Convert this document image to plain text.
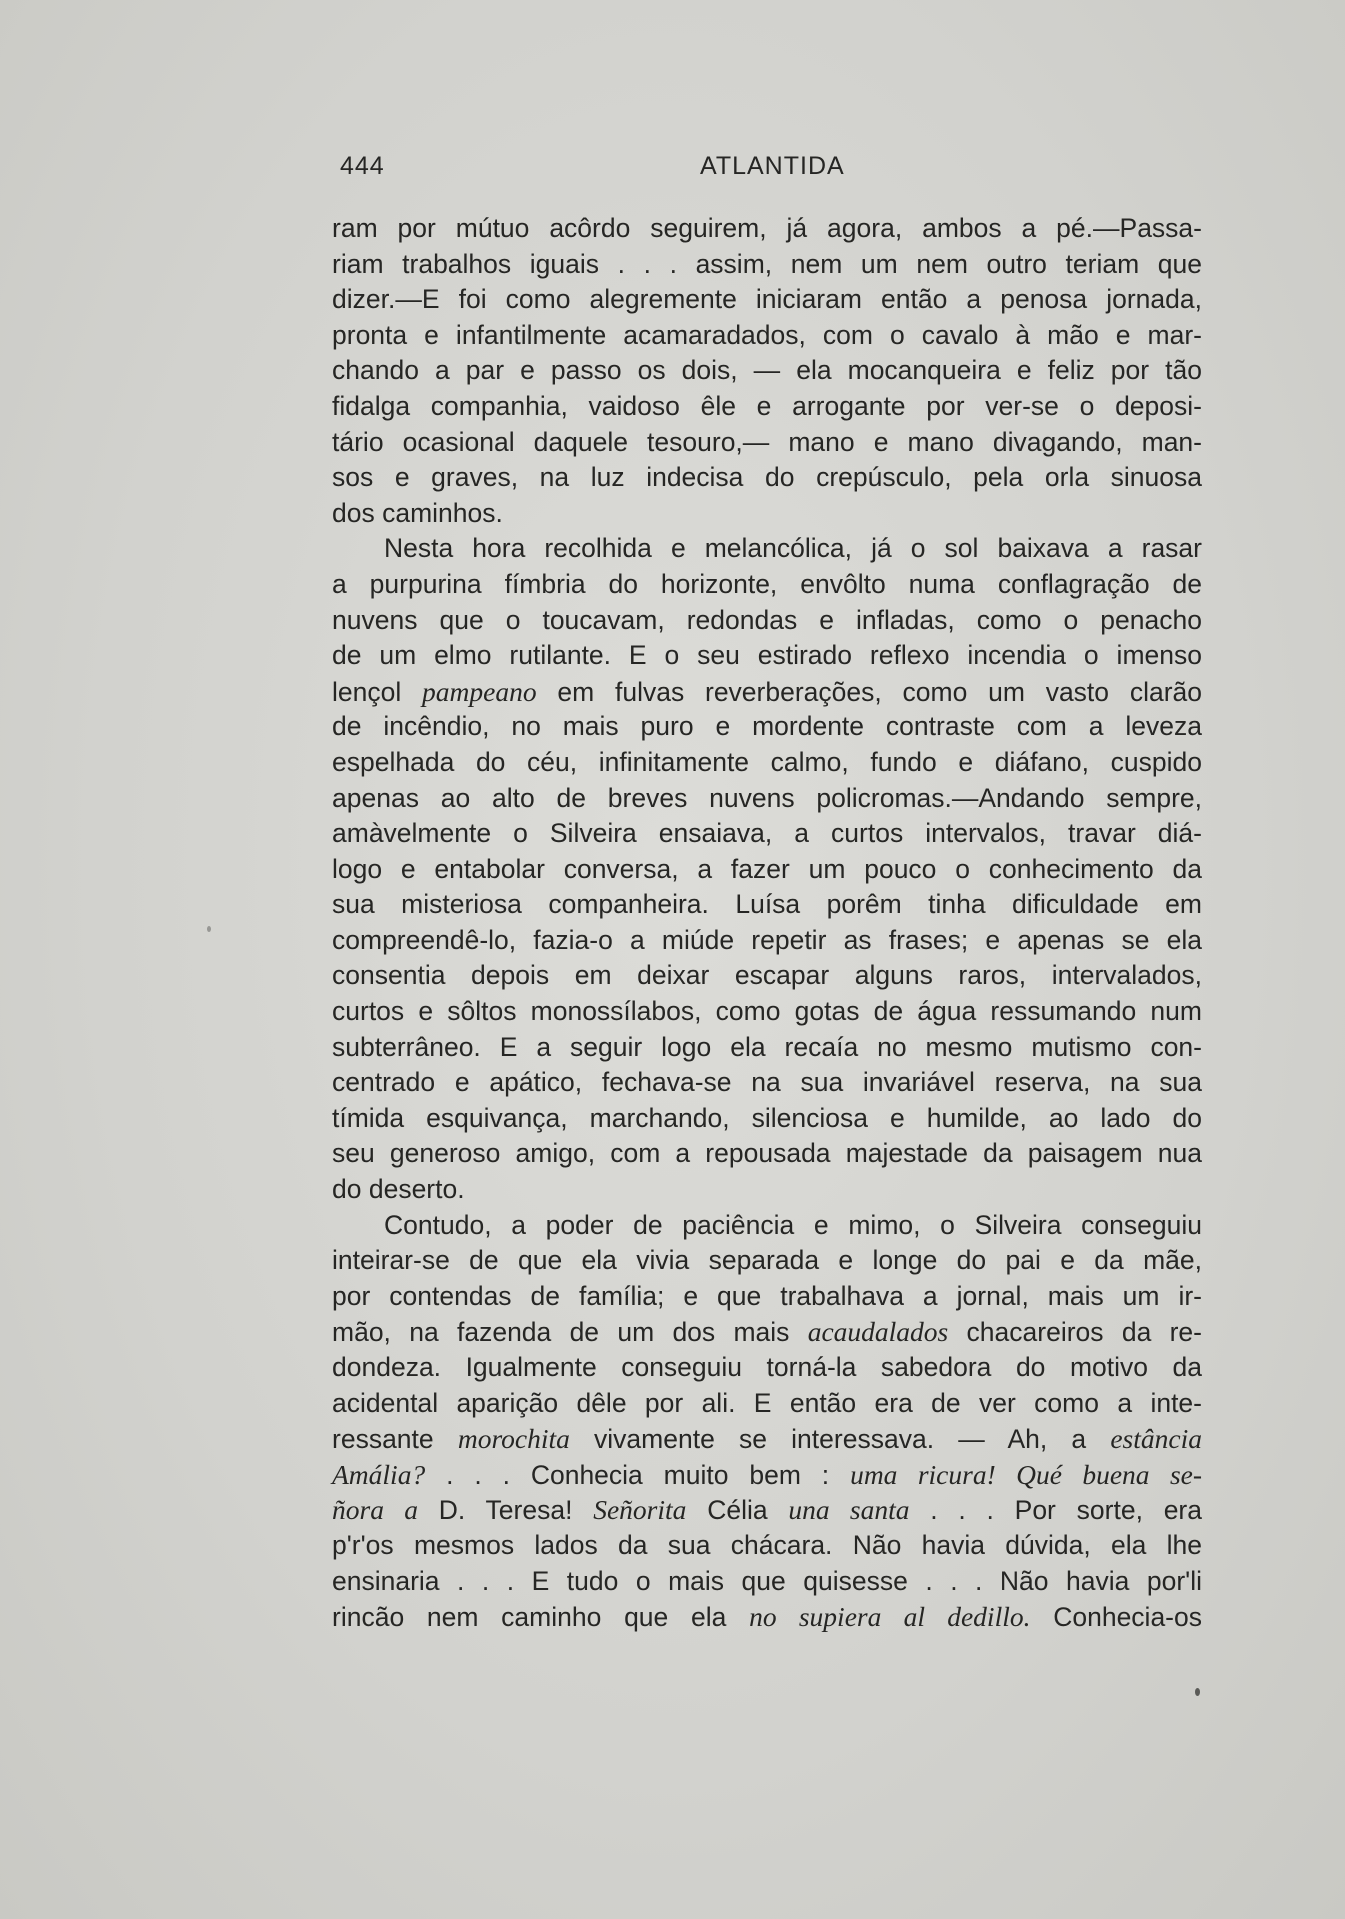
444	ATLANTIDA
ram por mútuo acôrdo seguirem, já agora, ambos a pé.—Passa-
riam trabalhos iguais . . . assim, nem um nem outro teriam que
dizer.—E foi como alegremente iniciaram então a penosa jornada,
pronta e infantilmente acamaradados, com o cavalo à mão e mar-
chando a par e passo os dois, — ela mocanqueira e feliz por tão
fidalga companhia, vaidoso êle e arrogante por ver-se o deposi-
tário ocasional daquele tesouro,— mano e mano divagando, man-
sos e graves, na luz indecisa do crepúsculo, pela orla sinuosa
dos caminhos.
Nesta hora recolhida e melancólica, já o sol baixava a rasar
a purpurina fímbria do horizonte, envôlto numa conflagração de
nuvens que o toucavam, redondas e infladas, como o penacho
de um elmo rutilante. E o seu estirado reflexo incendia o imenso
lençol pampeano em fulvas reverberações, como um vasto clarão
de incêndio, no mais puro e mordente contraste com a leveza
espelhada do céu, infinitamente calmo, fundo e diáfano, cuspido
apenas ao alto de breves nuvens policromas.—Andando sempre,
amàvelmente o Silveira ensaiava, a curtos intervalos, travar diá-
logo e entabolar conversa, a fazer um pouco o conhecimento da
sua misteriosa companheira. Luísa porêm tinha dificuldade em
compreendê-lo, fazia-o a miúde repetir as frases; e apenas se ela
consentia depois em deixar escapar alguns raros, intervalados,
curtos e sôltos monossílabos, como gotas de água ressumando num
subterrâneo. E a seguir logo ela recaía no mesmo mutismo con-
centrado e apático, fechava-se na sua invariável reserva, na sua
tímida esquivança, marchando, silenciosa e humilde, ao lado do
seu generoso amigo, com a repousada majestade da paisagem nua
do deserto.
Contudo, a poder de paciência e mimo, o Silveira conseguiu
inteirar-se de que ela vivia separada e longe do pai e da mãe,
por contendas de família; e que trabalhava a jornal, mais um ir-
mão, na fazenda de um dos mais acaudalados chacareiros da re-
dondeza. Igualmente conseguiu torná-la sabedora do motivo da
acidental aparição dêle por ali. E então era de ver como a inte-
ressante morochita vivamente se interessava. — Ah, a estância
Amália? . . . Conhecia muito bem : uma ricura! Qué buena se-
ñora a D. Teresa! Señorita Célia una santa . . . Por sorte, era
p'r'os mesmos lados da sua chácara. Não havia dúvida, ela lhe
ensinaria . . . E tudo o mais que quisesse . . . Não havia por'li
rincão nem caminho que ela no supiera al dedillo. Conhecia-os
